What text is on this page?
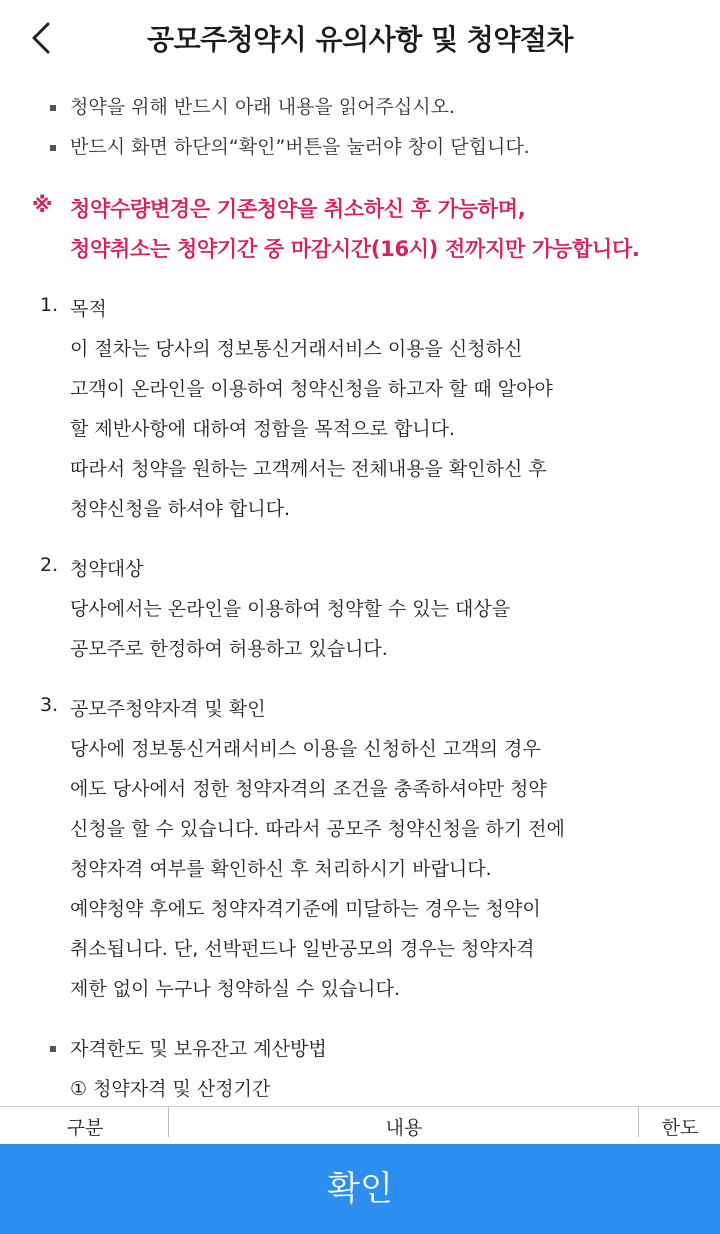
공모주청약시 유의사항 및 청약절차
청약을 위해 반드시 아래 내용을 읽어주십시오.
반드시 화면 하단의“확인”버튼을 눌러야 창이 닫힙니다.
※ 청약수량변경은 기존청약을 취소하신 후 가능하며,
청약취소는 청약기간 중 마감시간(16시) 전까지만 가능합니다.
1. 목적
이 절차는 당사의 정보통신거래서비스 이용을 신청하신
고객이 온라인을 이용하여 청약신청을 하고자 할 때 알아야
할 제반사항에 대하여 정함을 목적으로 합니다.
따라서 청약을 원하는 고객께서는 전체내용을 확인하신 후
청약신청을 하셔야 합니다.
2. 청약대상
당사에서는 온라인을 이용하여 청약할 수 있는 대상을
공모주로 한정하여 허용하고 있습니다.
3. 공모주청약자격 및 확인
당사에 정보통신거래서비스 이용을 신청하신 고객의 경우
에도 당사에서 정한 청약자격의 조건을 충족하셔야만 청약
신청을 할 수 있습니다. 따라서 공모주 청약신청을 하기 전에
청약자격 여부를 확인하신 후 처리하시기 바랍니다.
예약청약 후에도 청약자격기준에 미달하는 경우는 청약이
취소됩니다. 단, 선박펀드나 일반공모의 경우는 청약자격
제한 없이 누구나 청약하실 수 있습니다.
자격한도 및 보유잔고 계산방법
① 청약자격 및 산정기간
구분	내용	한도
확인
